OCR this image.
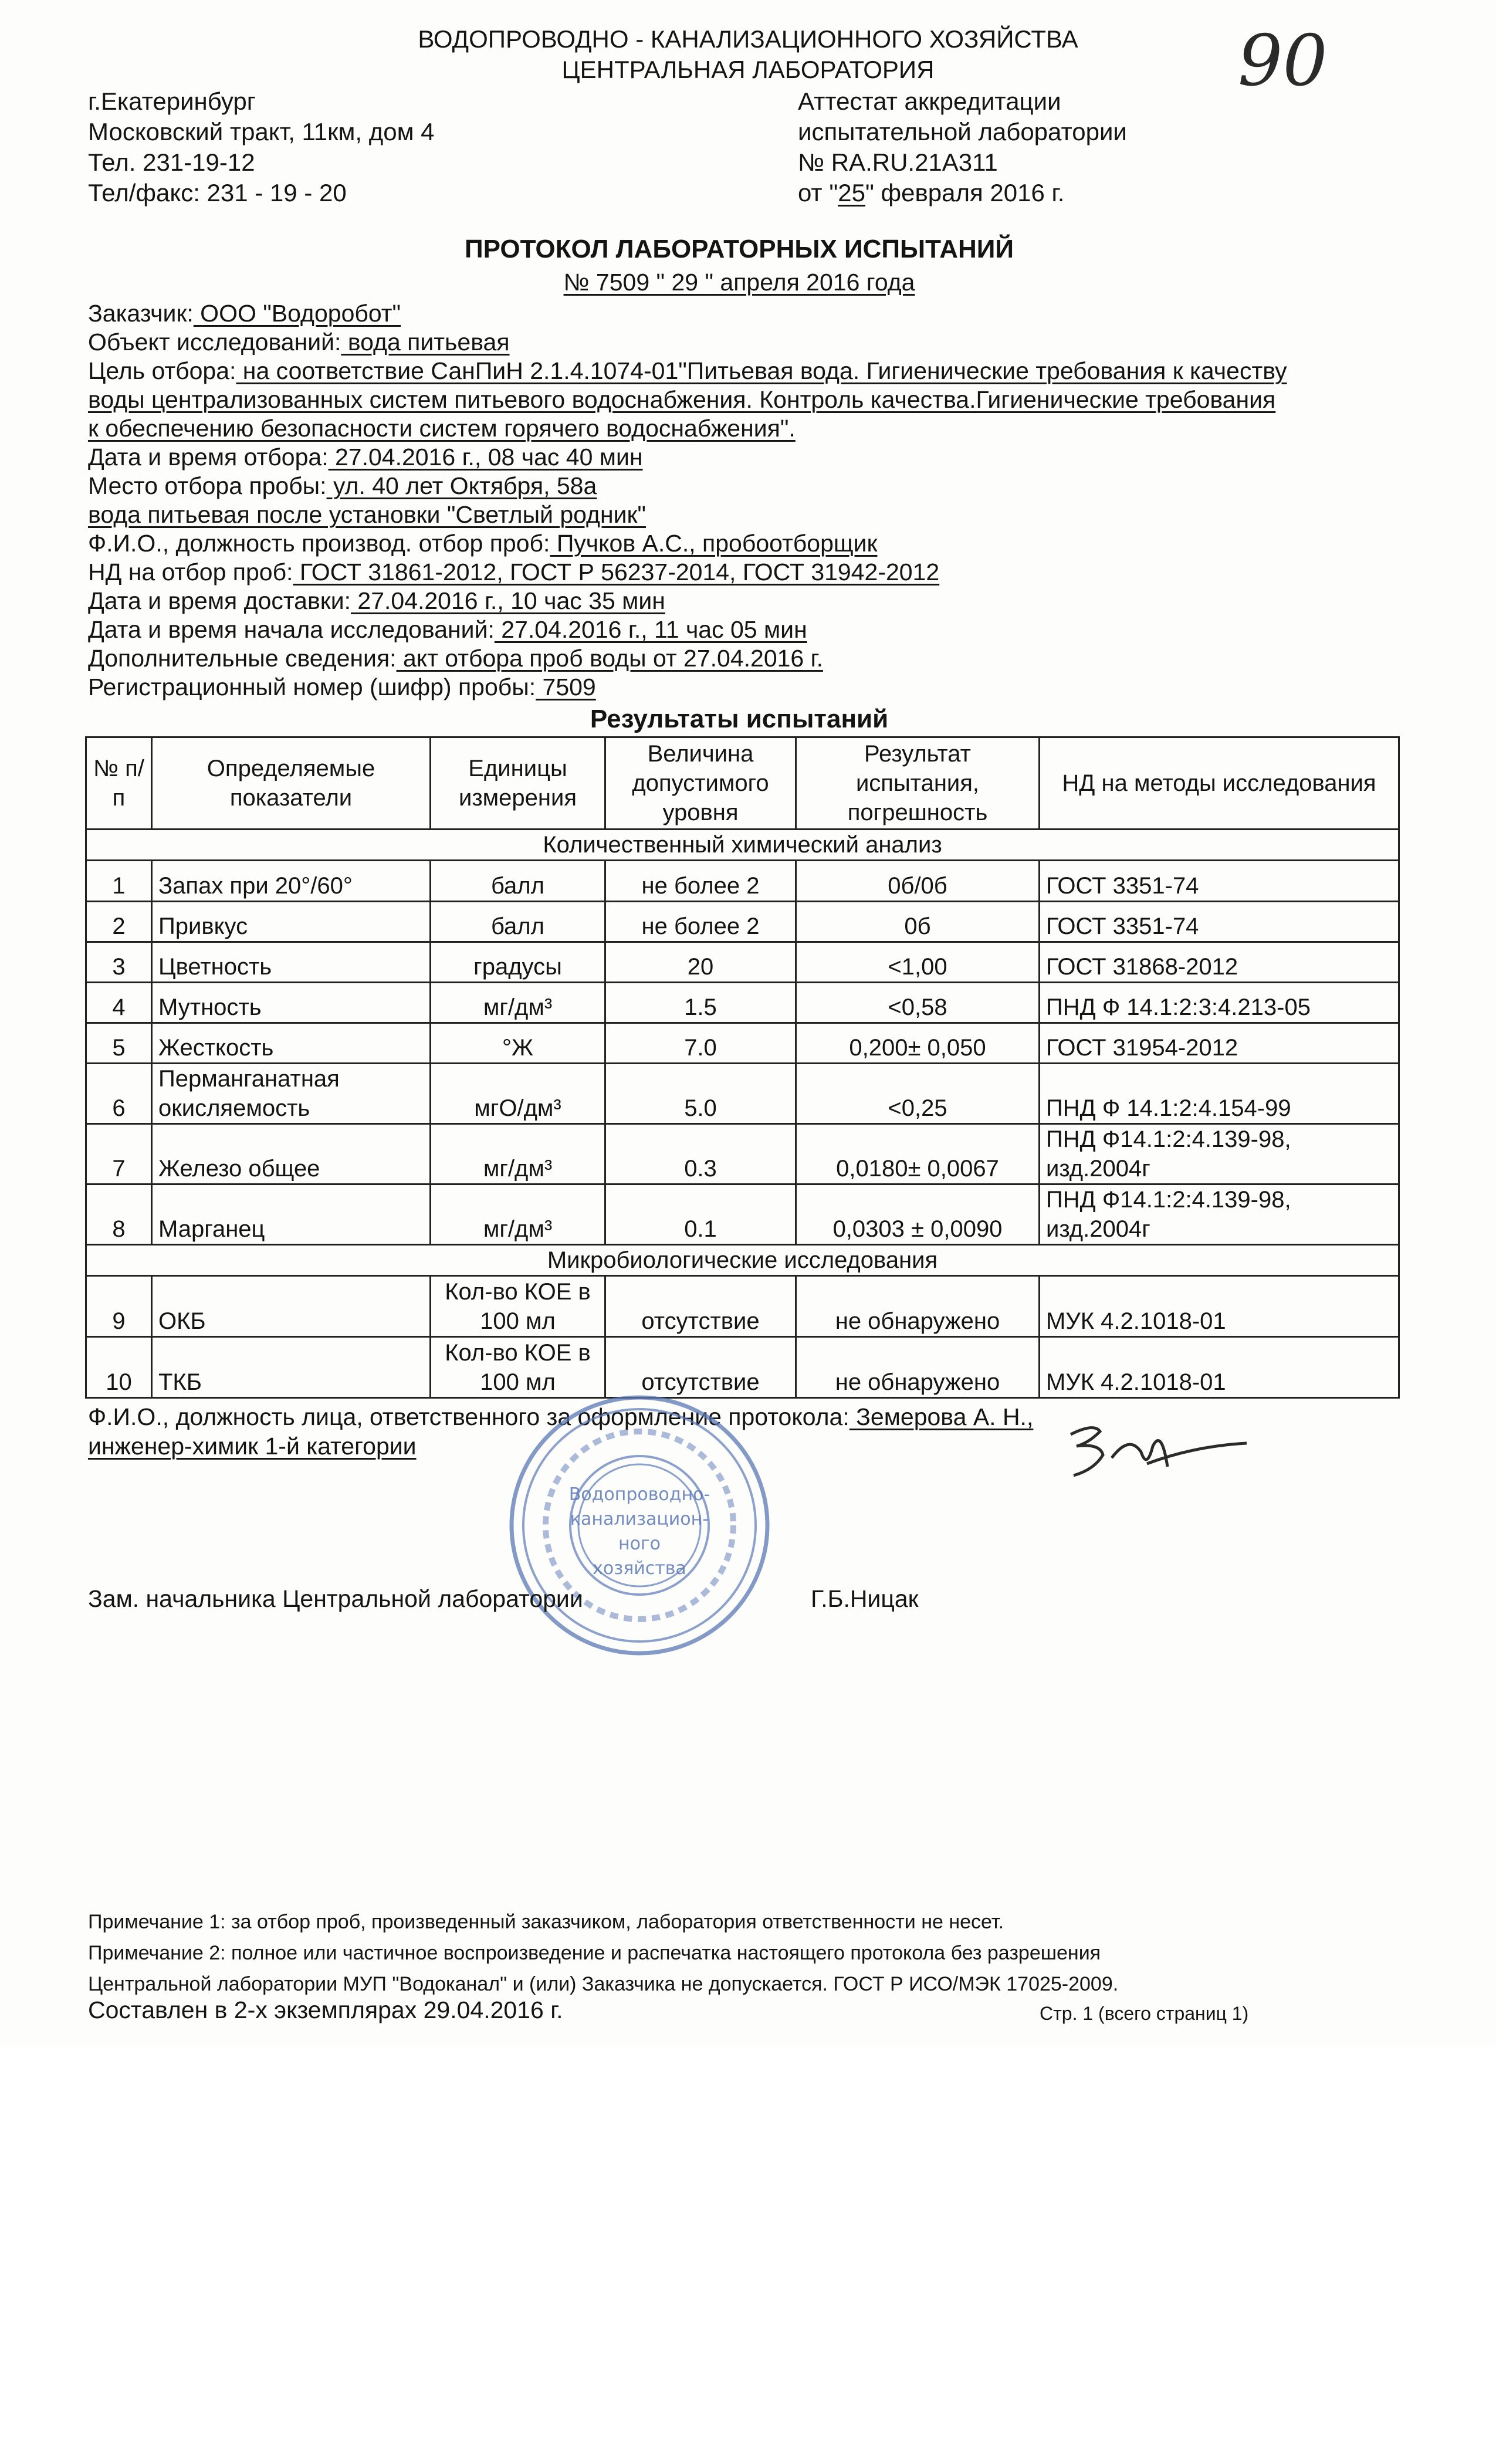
ВОДОПРОВОДНО - КАНАЛИЗАЦИОННОГО ХОЗЯЙСТВА
ЦЕНТРАЛЬНАЯ ЛАБОРАТОРИЯ	90
г.Екатеринбург
Московский тракт, 11км, дом 4
Тел. 231-19-12
Тел/факс: 231 - 19 - 20
Аттестат аккредитации
испытательной лаборатории
№ RA.RU.21A311
от "25" февраля 2016 г.
ПРОТОКОЛ ЛАБОРАТОРНЫХ ИСПЫТАНИЙ
№ 7509 " 29 " апреля 2016 года
Заказчик: ООО "Водоробот"
Объект исследований: вода питьевая
Цель отбора: на соответствие СанПиН 2.1.4.1074-01"Питьевая вода. Гигиенические требования к качеству
воды централизованных систем питьевого водоснабжения. Контроль качества.Гигиенические требования
к обеспечению безопасности систем горячего водоснабжения".
Дата и время отбора: 27.04.2016 г., 08 час 40 мин
Место отбора пробы: ул. 40 лет Октября, 58а
вода питьевая после установки "Светлый родник"
Ф.И.О., должность производ. отбор проб: Пучков А.С., пробоотборщик
НД на отбор проб: ГОСТ 31861-2012, ГОСТ Р 56237-2014, ГОСТ 31942-2012
Дата и время доставки: 27.04.2016 г., 10 час 35 мин
Дата и время начала исследований: 27.04.2016 г., 11 час 05 мин
Дополнительные сведения: акт отбора проб воды от 27.04.2016 г.
Регистрационный номер (шифр) пробы: 7509
Результаты испытаний
№ п/п	Определяемые показатели	Единицы измерения	Величина допустимого уровня	Результат испытания, погрешность	НД на методы исследования
Количественный химический анализ					
1	Запах при 20°/60°	балл	не более 2	0б/0б	ГОСТ 3351-74
2	Привкус	балл	не более 2	0б	ГОСТ 3351-74
3	Цветность	градусы	20	<1,00	ГОСТ 31868-2012
4	Мутность	мг/дм³	1.5	<0,58	ПНД Ф 14.1:2:3:4.213-05
5	Жесткость	°Ж	7.0	0,200± 0,050	ГОСТ 31954-2012
6	Перманганатная
окисляемость	мгО/дм³	5.0	<0,25	ПНД Ф 14.1:2:4.154-99
7	Железо общее	мг/дм³	0.3	0,0180± 0,0067	ПНД Ф14.1:2:4.139-98,
изд.2004г

8	Марганец	мг/дм³	0.1	0,0303 ± 0,0090	ПНД Ф14.1:2:4.139-98,
изд.2004г

Микробиологические исследования					
9	ОКБ	Кол-во КОЕ в
100 мл	отсутствие	не обнаружено	МУК 4.2.1018-01
10	ТКБ	Кол-во КОЕ в
100 мл	отсутствие	не обнаружено	МУК 4.2.1018-01
Ф.И.О., должность лица, ответственного за оформление протокола: Земерова А. Н.,
инженер-химик 1-й категории
Водопроводно-
канализацион-
ного
хозяйства
Зам. начальника Центральной лаборатории	Г.Б.Ницак
Примечание 1: за отбор проб, произведенный заказчиком, лаборатория ответственности не несет.
Примечание 2: полное или частичное воспроизведение и распечатка настоящего протокола без разрешения
Центральной лаборатории МУП "Водоканал" и (или) Заказчика не допускается. ГОСТ Р ИСО/МЭК 17025-2009.
Составлен в 2-х экземплярах 29.04.2016 г.	Стр. 1 (всего страниц 1)
